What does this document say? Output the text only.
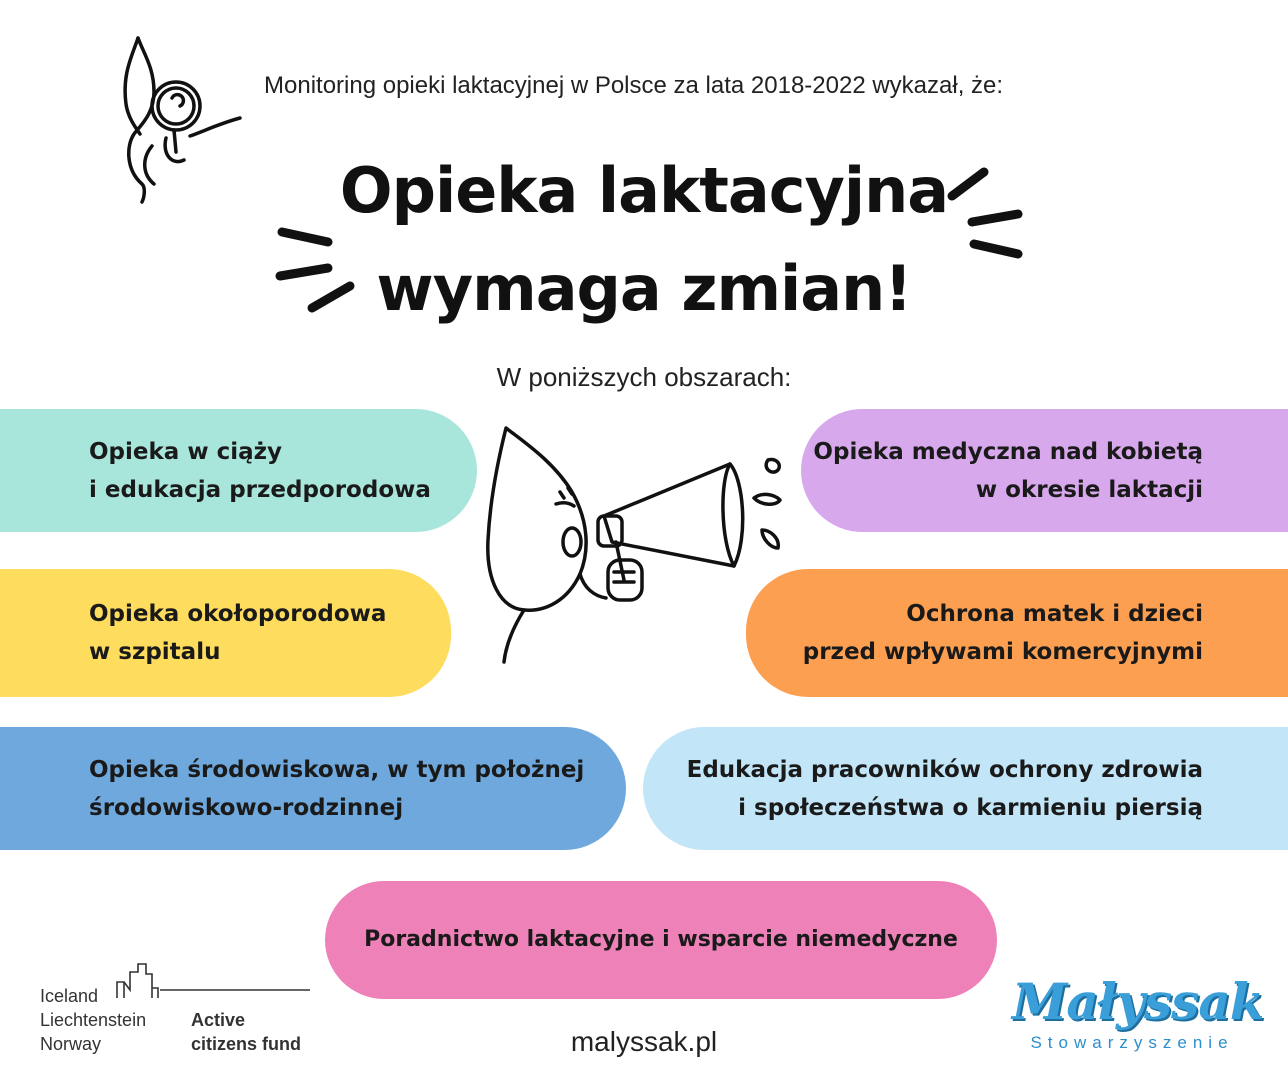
Monitoring opieki laktacyjnej w Polsce za lata 2018-2022 wykazał, że:
Opieka laktacyjna
wymaga zmian!
W poniższych obszarach:
Opieka w ciąży
i edukacja przedporodowa
Opieka medyczna nad kobietą
w okresie laktacji
Opieka okołoporodowa
w szpitalu
Ochrona matek i dzieci
przed wpływami komercyjnymi
Opieka środowiskowa, w tym położnej
środowiskowo-rodzinnej
Edukacja pracowników ochrony zdrowia
i społeczeństwa o karmieniu piersią
Poradnictwo laktacyjne i wsparcie niemedyczne
Iceland
Liechtenstein
Norway
Active
citizens fund	malyssak.pl
Małyssak
Stowarzyszenie
